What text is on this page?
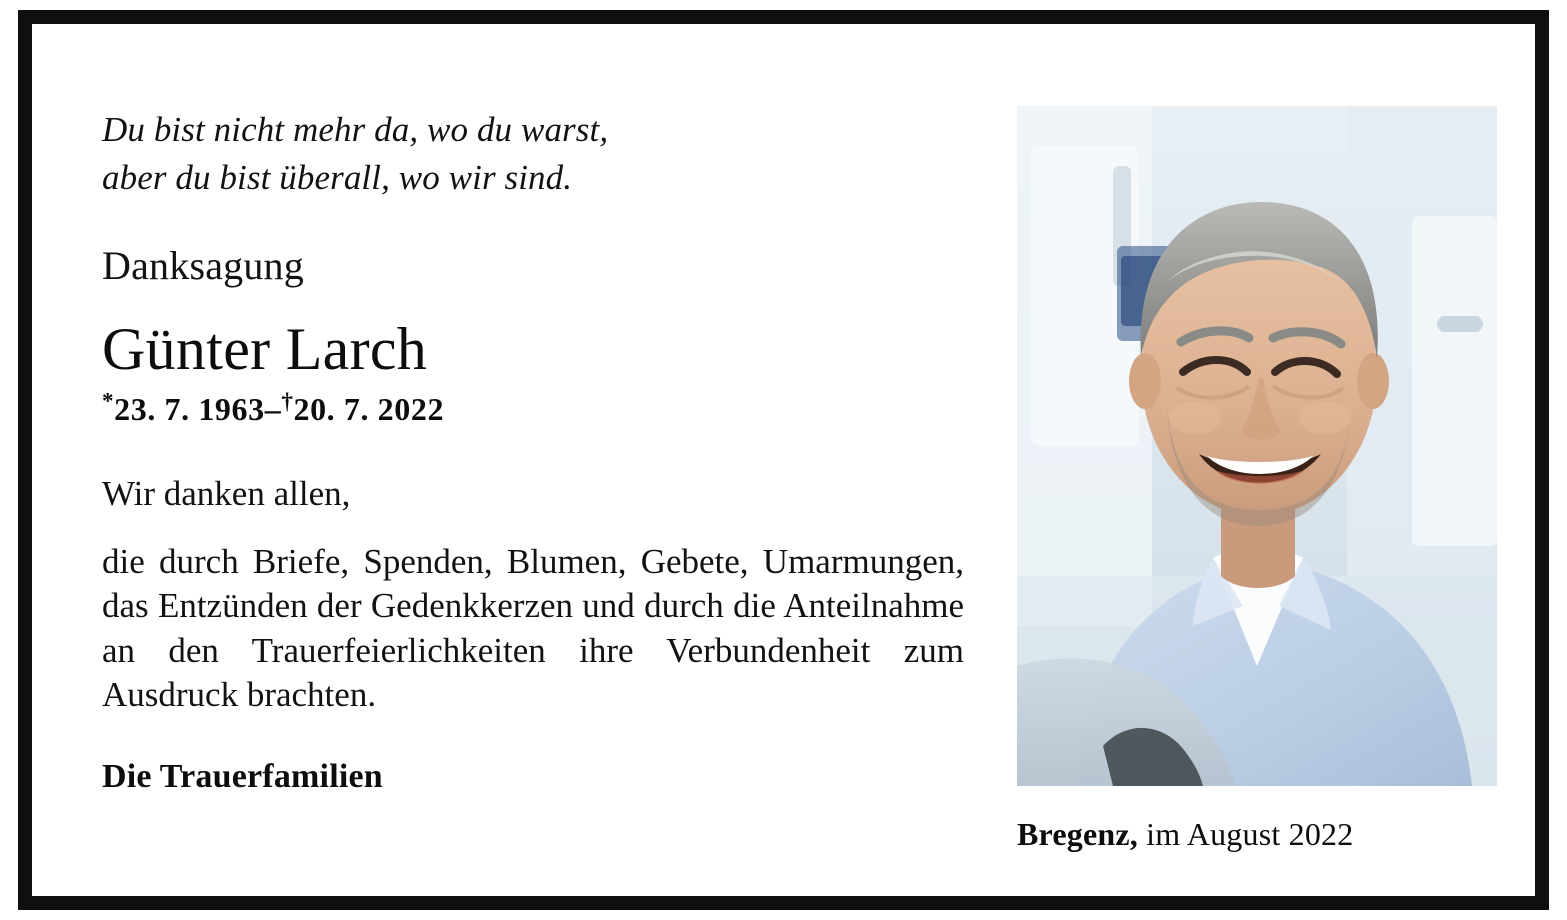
Du bist nicht mehr da, wo du warst,
aber du bist überall, wo wir sind.
Danksagung
Günter Larch
*23. 7. 1963–†20. 7. 2022
Wir danken allen,
die durch Briefe, Spenden, Blumen, Gebete, Umarmungen, das Entzünden der Gedenkkerzen und durch die Anteilnahme an den Trauerfeierlichkeiten ihre Verbundenheit zum Ausdruck brachten.
Die Trauerfamilien
Bregenz, im August 2022
